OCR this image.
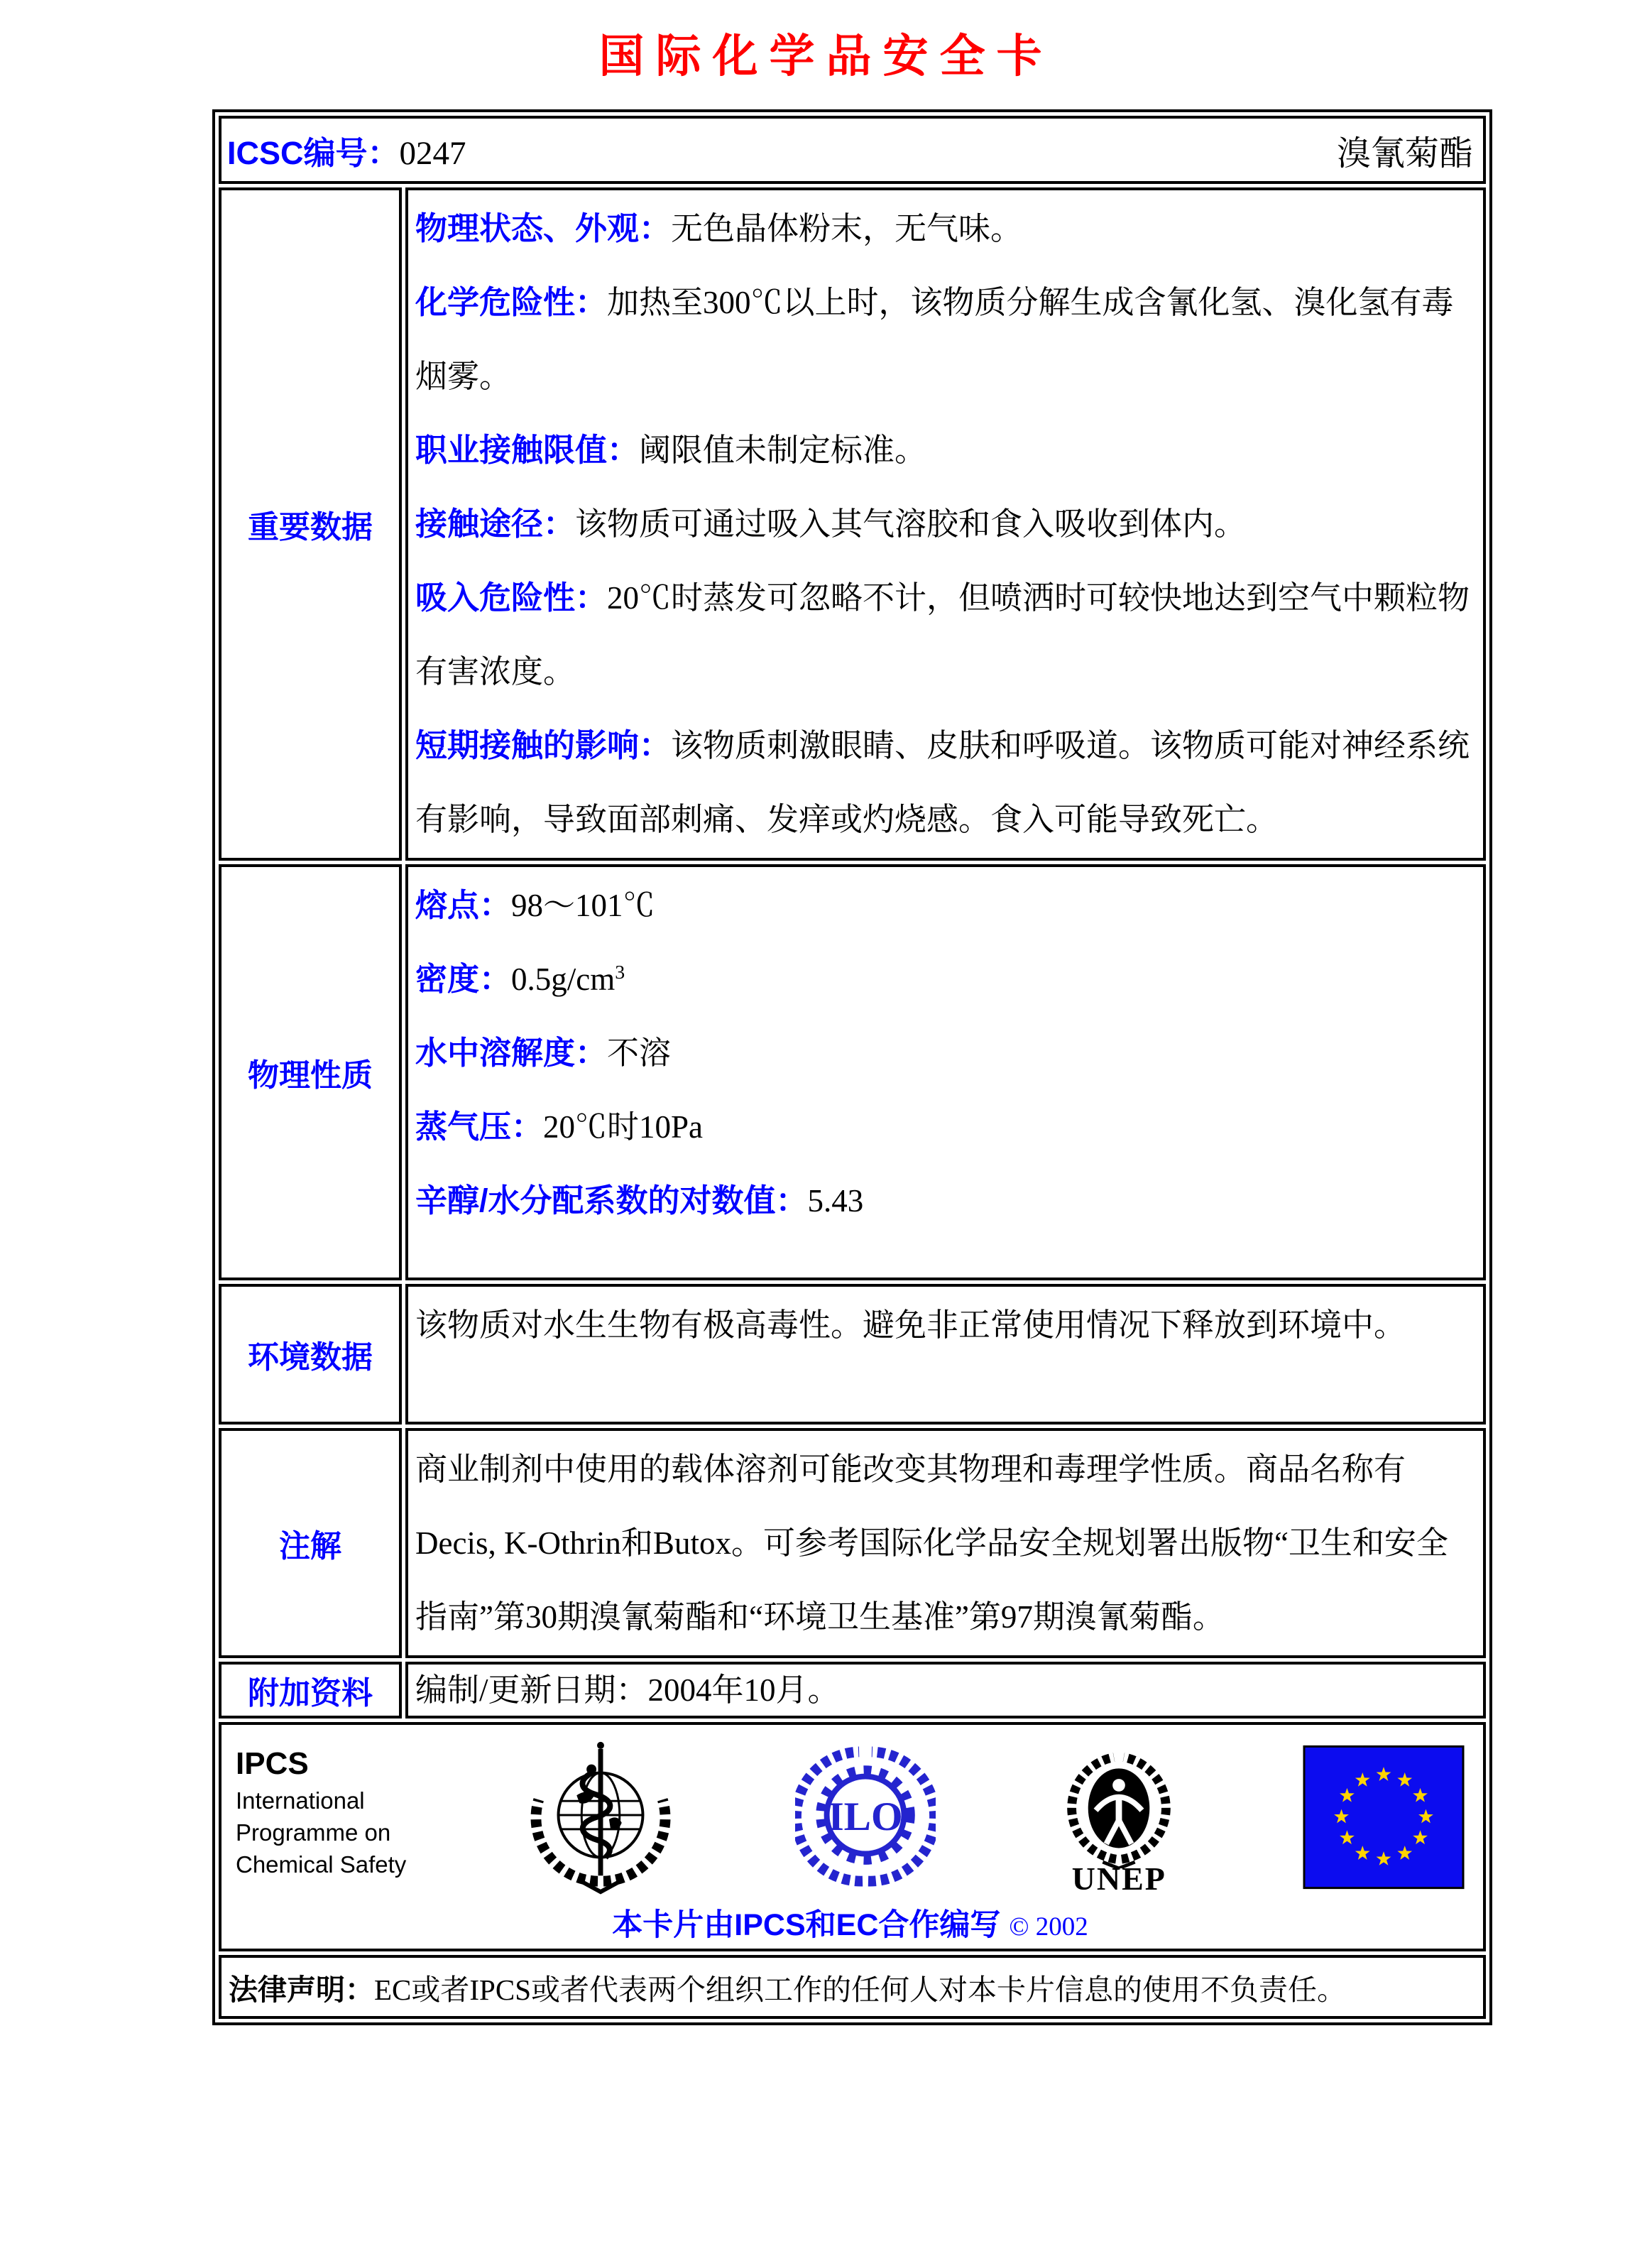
国际化学品安全卡
ICSC编号：0247	溴氰菊酯
重要数据

物理状态、外观：无色晶体粉末，无气味。

化学危险性：加热至300℃以上时，该物质分解生成含氰化氢、溴化氢有毒烟雾。

职业接触限值：阈限值未制定标准。

接触途径：该物质可通过吸入其气溶胶和食入吸收到体内。

吸入危险性：20℃时蒸发可忽略不计，但喷洒时可较快地达到空气中颗粒物有害浓度。

短期接触的影响：该物质刺激眼睛、皮肤和呼吸道。该物质可能对神经系统有影响，导致面部刺痛、发痒或灼烧感。食入可能导致死亡。

物理性质

熔点：98～101℃

密度：$0.5g/cm^3$

水中溶解度：不溶

蒸气压：20℃时10Pa

辛醇/水分配系数的对数值：5.43

环境数据

该物质对水生生物有极高毒性。避免非正常使用情况下释放到环境中。

注解

商业制剂中使用的载体溶剂可能改变其物理和毒理学性质。商品名称有Decis, K-Othrin和Butox。可参考国际化学品安全规划署出版物“卫生和安全指南”第30期溴氰菊酯和“环境卫生基准”第97期溴氰菊酯。

附加资料 编制/更新日期：2004年10月。

IPCS
International
Programme on
Chemical Safety
ILO
UNEP
本卡片由IPCS和EC合作编写 © 2002
法律声明： EC或者IPCS或者代表两个组织工作的任何人对本卡片信息的使用不负责任。
